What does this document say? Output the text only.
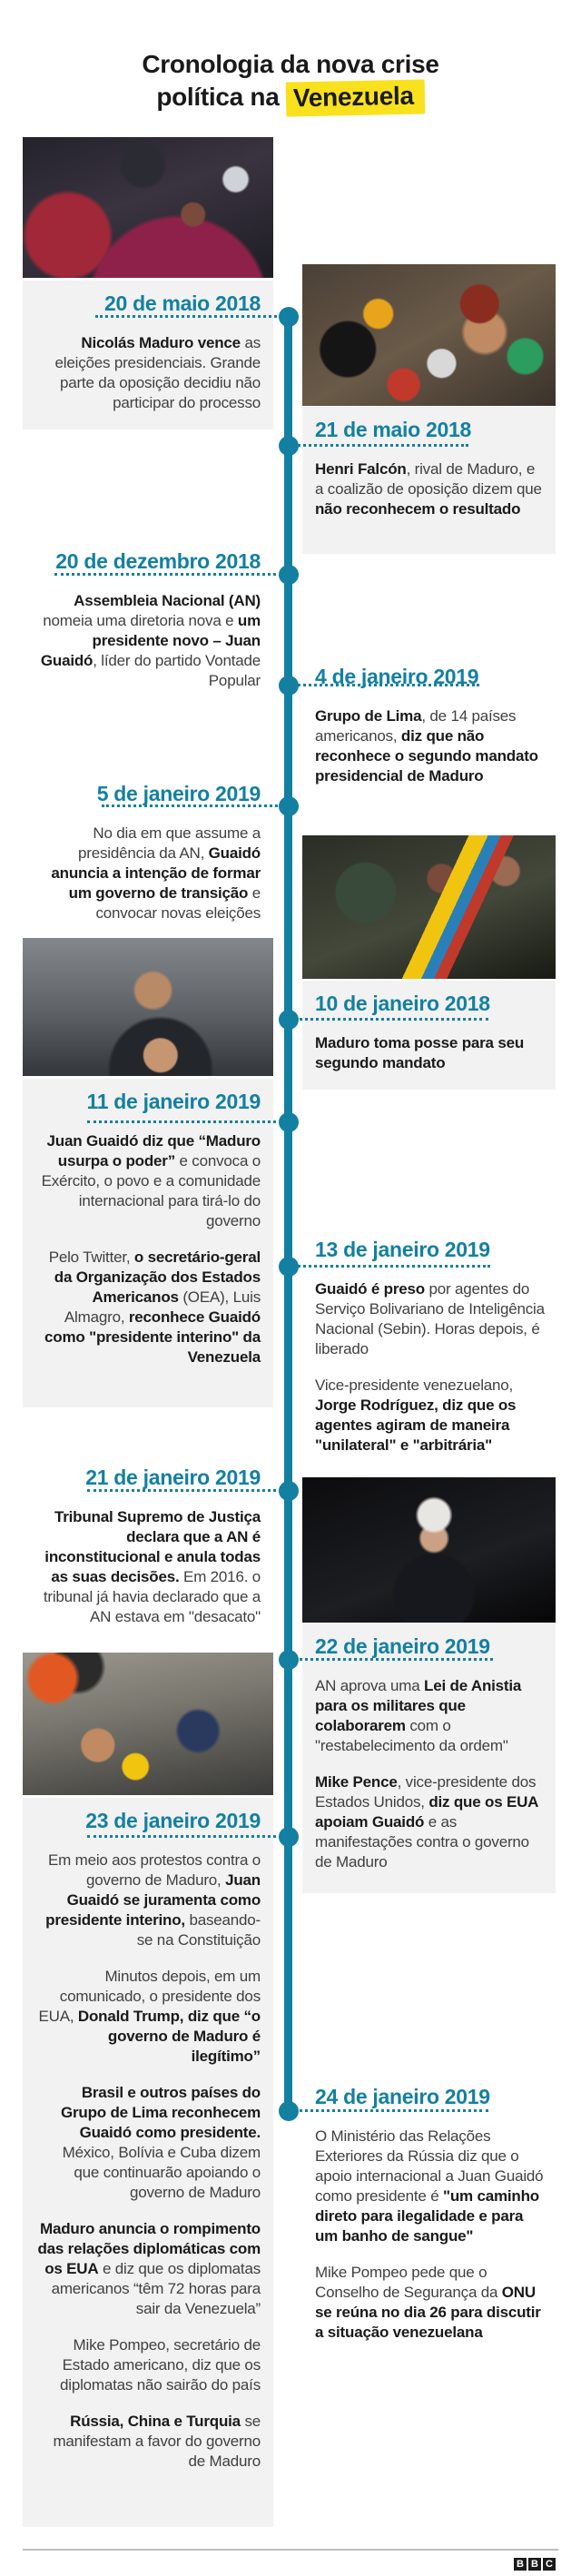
Cronologia da nova crise
política na Venezuela
20 de maio 2018

Nicolás Maduro vence as eleições presidenciais. Grande parte da oposição decidiu não participar do processo

21 de maio 2018

Henri Falcón, rival de Maduro, e a coalizão de oposição dizem que não reconhecem o resultado

20 de dezembro 2018

Assembleia Nacional (AN) nomeia uma diretoria nova e um presidente novo – Juan Guaidó, líder do partido Vontade Popular	4 de janeiro 2019

Grupo de Lima, de 14 países americanos, diz que não reconhece o segundo mandato presidencial de Maduro

5 de janeiro 2019

No dia em que assume a presidência da AN, Guaidó anuncia a intenção de formar um governo de transição e convocar novas eleições

10 de janeiro 2018

Maduro toma posse para seu segundo mandato

11 de janeiro 2019

Juan Guaidó diz que “Maduro usurpa o poder” e convoca o Exército, o povo e a comunidade internacional para tirá-lo do governo

Pelo Twitter, o secretário-geral da Organização dos Estados Americanos (OEA), Luis Almagro, reconhece Guaidó como "presidente interino" da Venezuela

13 de janeiro 2019

Guaidó é preso por agentes do Serviço Bolivariano de Inteligência Nacional (Sebin). Horas depois, é liberado

Vice-presidente venezuelano, Jorge Rodríguez, diz que os agentes agiram de maneira "unilateral" e "arbitrária"

21 de janeiro 2019

Tribunal Supremo de Justiça declara que a AN é inconstitucional e anula todas as suas decisões. Em 2016. o tribunal já havia declarado que a AN estava em "desacato"

22 de janeiro 2019

AN aprova uma Lei de Anistia para os militares que colaborarem com o "restabelecimento da ordem"

Mike Pence, vice-presidente dos Estados Unidos, diz que os EUA apoiam Guaidó e as manifestações contra o governo de Maduro

23 de janeiro 2019

Em meio aos protestos contra o governo de Maduro, Juan Guaidó se juramenta como presidente interino, baseando-se na Constituição

Minutos depois, em um comunicado, o presidente dos EUA, Donald Trump, diz que “o governo de Maduro é ilegítimo”

Brasil e outros países do Grupo de Lima reconhecem Guaidó como presidente. México, Bolívia e Cuba dizem que continuarão apoiando o governo de Maduro

Maduro anuncia o rompimento das relações diplomáticas com os EUA e diz que os diplomatas americanos “têm 72 horas para sair da Venezuela”

Mike Pompeo, secretário de Estado americano, diz que os diplomatas não sairão do país

Rússia, China e Turquia se manifestam a favor do governo de Maduro

24 de janeiro 2019

O Ministério das Relações Exteriores da Rússia diz que o apoio internacional a Juan Guaidó como presidente é "um caminho direto para ilegalidade e para um banho de sangue"

Mike Pompeo pede que o Conselho de Segurança da ONU se reúna no dia 26 para discutir a situação venezuelana

B B C
